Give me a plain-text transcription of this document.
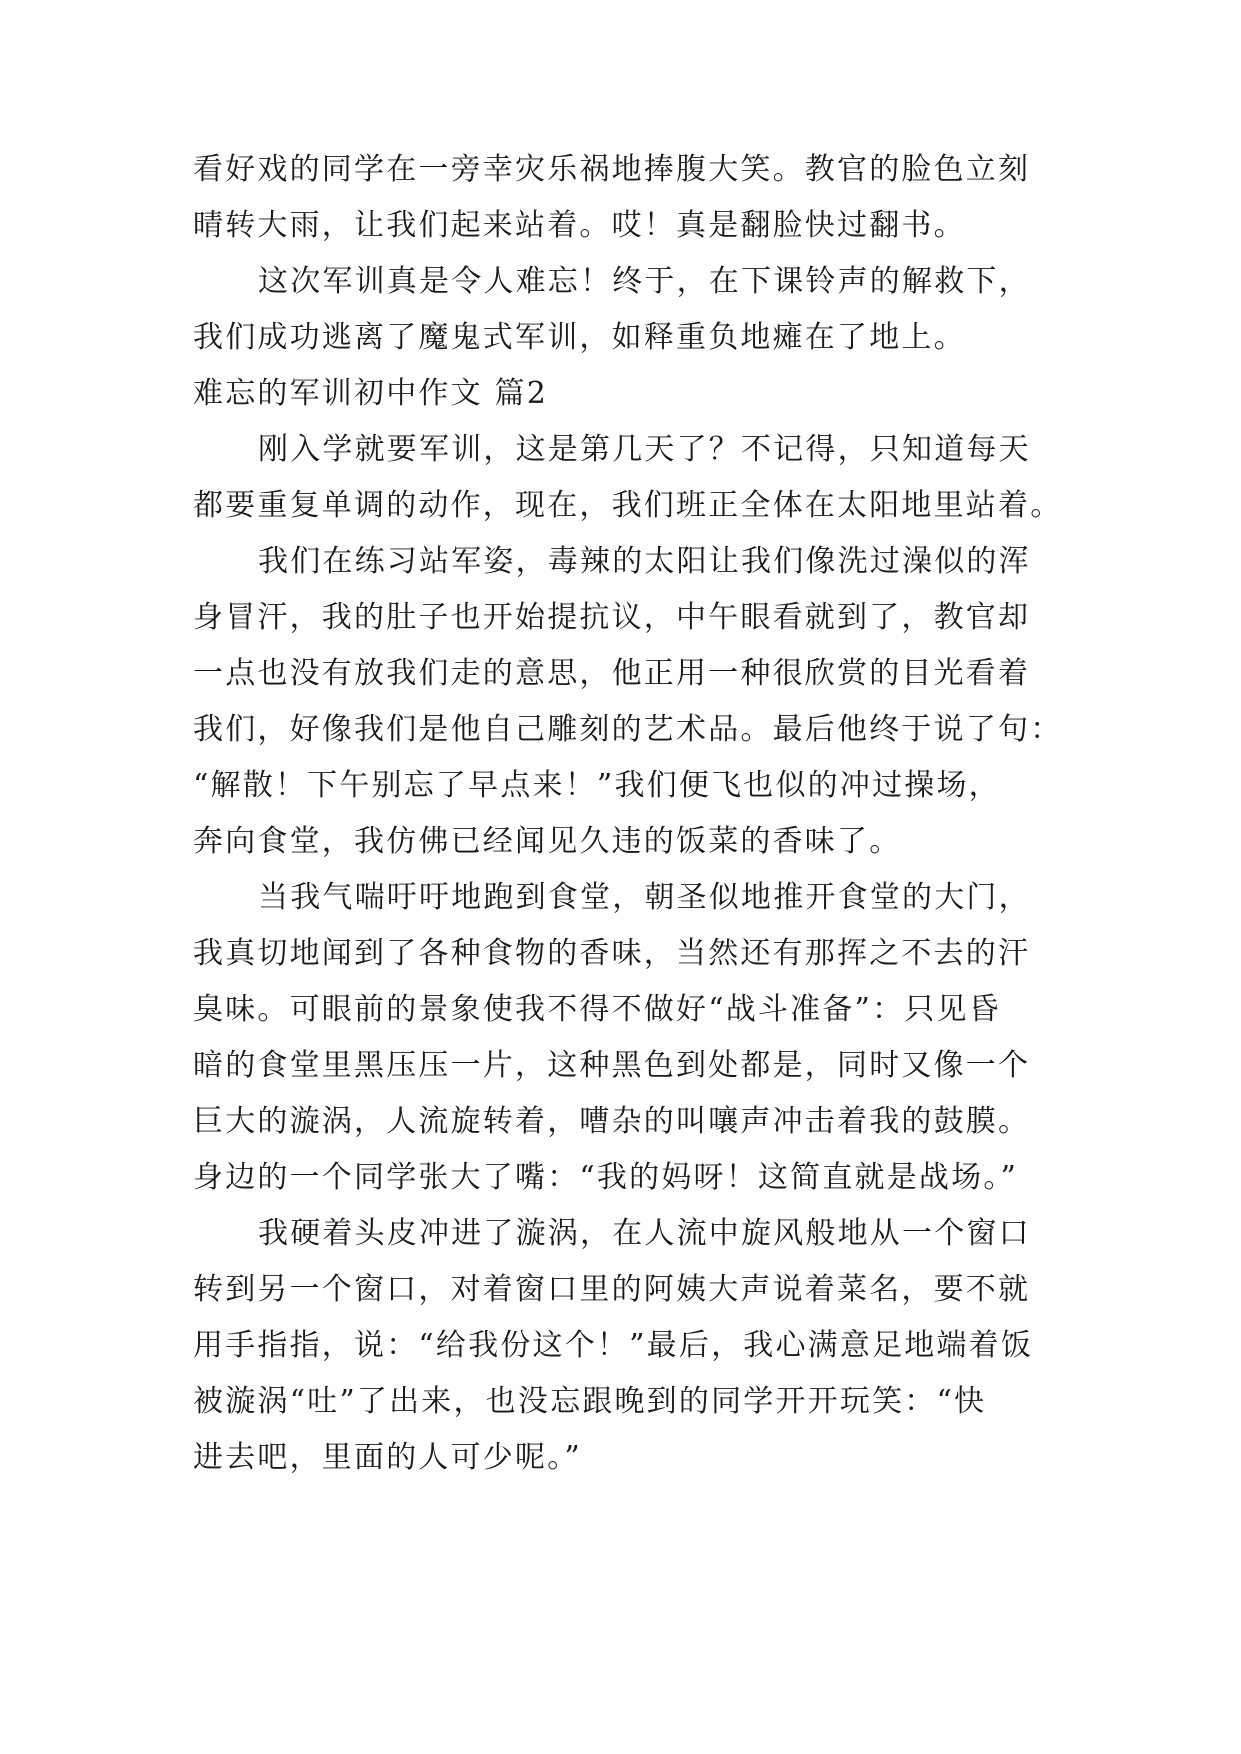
看好戏的同学在一旁幸灾乐祸地捧腹大笑。教官的脸色立刻
晴转大雨，让我们起来站着。哎！真是翻脸快过翻书。
这次军训真是令人难忘！终于，在下课铃声的解救下，
我们成功逃离了魔鬼式军训，如释重负地瘫在了地上。
难忘的军训初中作文 篇2
刚入学就要军训，这是第几天了？不记得，只知道每天
都要重复单调的动作，现在，我们班正全体在太阳地里站着。
我们在练习站军姿，毒辣的太阳让我们像洗过澡似的浑
身冒汗，我的肚子也开始提抗议，中午眼看就到了，教官却
一点也没有放我们走的意思，他正用一种很欣赏的目光看着
我们，好像我们是他自己雕刻的艺术品。最后他终于说了句：
“解散！下午别忘了早点来！”我们便飞也似的冲过操场，
奔向食堂，我仿佛已经闻见久违的饭菜的香味了。
当我气喘吁吁地跑到食堂，朝圣似地推开食堂的大门，
我真切地闻到了各种食物的香味，当然还有那挥之不去的汗
臭味。可眼前的景象使我不得不做好“战斗准备”：只见昏
暗的食堂里黑压压一片，这种黑色到处都是，同时又像一个
巨大的漩涡，人流旋转着，嘈杂的叫嚷声冲击着我的鼓膜。
身边的一个同学张大了嘴：“我的妈呀！这简直就是战场。”
我硬着头皮冲进了漩涡，在人流中旋风般地从一个窗口
转到另一个窗口，对着窗口里的阿姨大声说着菜名，要不就
用手指指，说：“给我份这个！”最后，我心满意足地端着饭
被漩涡“吐”了出来，也没忘跟晚到的同学开开玩笑：“快
进去吧，里面的人可少呢。”
